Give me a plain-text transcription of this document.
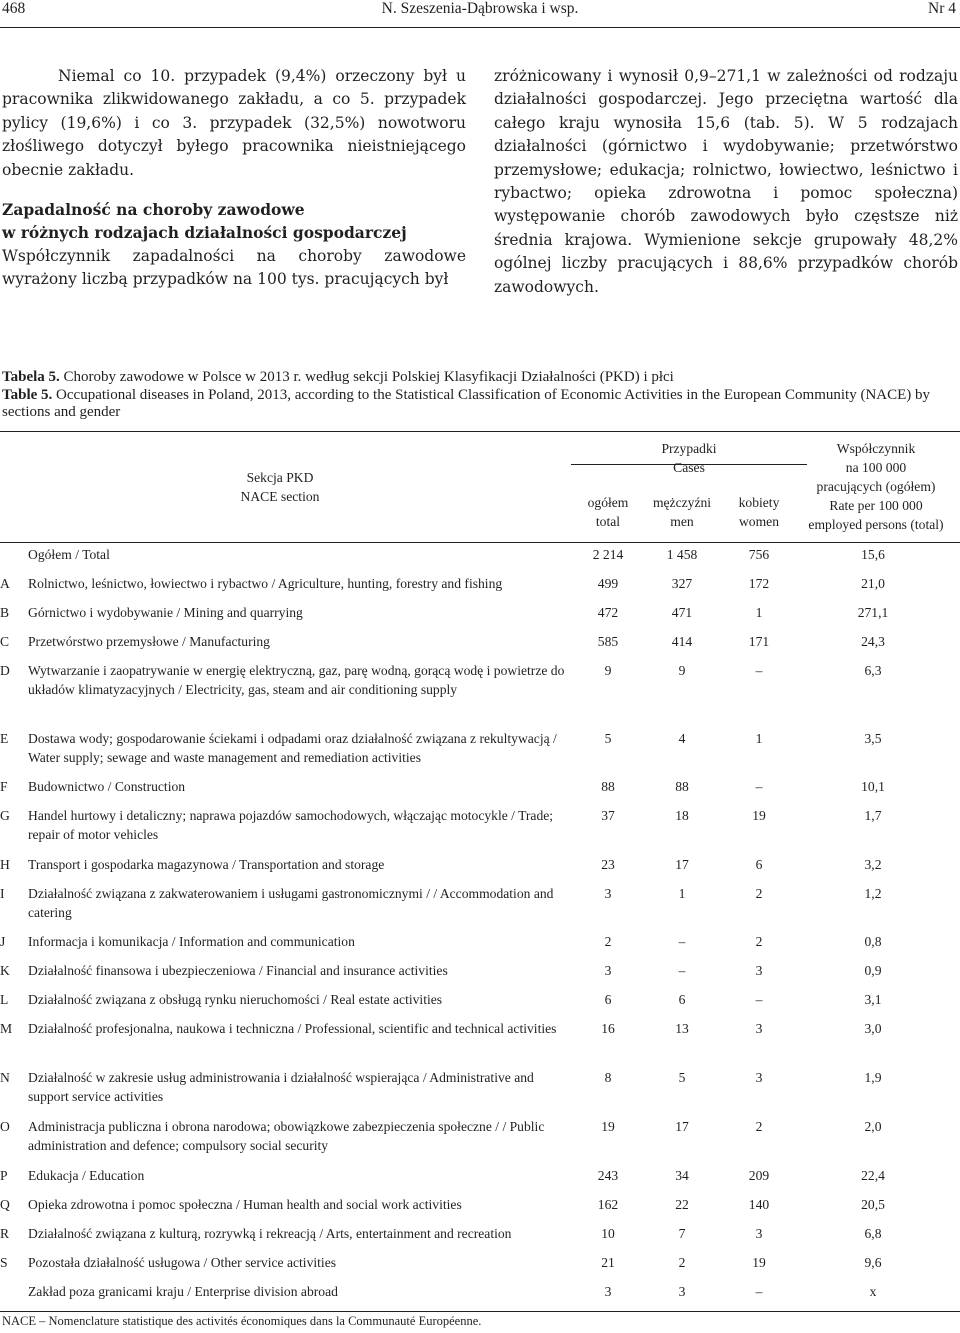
468	N. Szeszenia-Dąbrowska i wsp.	Nr 4

Niemal co 10. przypadek (9,4%) orzeczony był u pracownika zlikwidowanego zakładu, a co 5. przypadek pylicy (19,6%) i co 3. przypadek (32,5%) nowotworu złośliwego dotyczył byłego pracownika nieistniejącego obecnie zakładu.

Zapadalność na choroby zawodowe
w różnych rodzajach działalności gospodarczej

Współczynnik zapadalności na choroby zawodowe wyrażony liczbą przypadków na 100 tys. pracujących był

zróżnicowany i wynosił 0,9–271,1 w zależności od rodzaju działalności gospodarczej. Jego przeciętna wartość dla całego kraju wynosiła 15,6 (tab. 5). W 5 rodzajach działalności (górnictwo i wydobywanie; przetwórstwo przemysłowe; edukacja; rolnictwo, łowiectwo, leśnictwo i rybactwo; opieka zdrowotna i pomoc społeczna) występowanie chorób zawodowych było częstsze niż średnia krajowa. Wymienione sekcje grupowały 48,2% ogólnej liczby pracujących i 88,6% przypadków chorób zawodowych.

Tabela 5. Choroby zawodowe w Polsce w 2013 r. według sekcji Polskiej Klasyfikacji Działalności (PKD) i płci
Table 5. Occupational diseases in Poland, 2013, according to the Statistical Classification of Economic Activities in the European Community (NACE) by sections and gender
Sekcja PKD
NACE section
Przypadki
Cases
ogółem
total
mężczyźni
men
kobiety
women
Współczynnik
na 100 000
pracujących (ogółem)
Rate per 100 000
employed persons (total)
Ogółem / Total	2 214	1 458	756	15,6
A	Rolnictwo, leśnictwo, łowiectwo i rybactwo / Agriculture, hunting, forestry and fishing	499	327	172	21,0
B	Górnictwo i wydobywanie / Mining and quarrying	472	471	1	271,1
C	Przetwórstwo przemysłowe / Manufacturing	585	414	171	24,3
D	Wytwarzanie i zaopatrywanie w energię elektryczną, gaz, parę wodną, gorącą wodę i powietrze do układów klimatyzacyjnych / Electricity, gas, steam and air conditioning supply
9	9	–	6,3
E	Dostawa wody; gospodarowanie ściekami i odpadami oraz działalność związana z rekultywacją / Water supply; sewage and waste management and remediation activities
5	4	1	3,5
F	Budownictwo / Construction	88	88	–	10,1
G	Handel hurtowy i detaliczny; naprawa pojazdów samochodowych, włączając motocykle / Trade; repair of motor vehicles
37	18	19	1,7
H	Transport i gospodarka magazynowa / Transportation and storage	23	17	6	3,2
I	Działalność związana z zakwaterowaniem i usługami gastronomicznymi / / Accommodation and catering
3	1	2	1,2
J	Informacja i komunikacja / Information and communication	2	–	2	0,8
K	Działalność finansowa i ubezpieczeniowa / Financial and insurance activities	3	–	3	0,9
L	Działalność związana z obsługą rynku nieruchomości / Real estate activities	6	6	–	3,1
M	Działalność profesjonalna, naukowa i techniczna / Professional, scientific and technical activities	16	13	3	3,0
N	Działalność w zakresie usług administrowania i działalność wspierająca / Administrative and support service activities
8	5	3	1,9
O	Administracja publiczna i obrona narodowa; obowiązkowe zabezpieczenia społeczne / / Public administration and defence; compulsory social security
19	17	2	2,0
P	Edukacja / Education	243	34	209	22,4
Q	Opieka zdrowotna i pomoc społeczna / Human health and social work activities	162	22	140	20,5
R	Działalność związana z kulturą, rozrywką i rekreacją / Arts, entertainment and recreation	10	7	3	6,8
S	Pozostała działalność usługowa / Other service activities	21	2	19	9,6
Zakład poza granicami kraju / Enterprise division abroad	3	3	–	x
NACE – Nomenclature statistique des activités économiques dans la Communauté Européenne.
